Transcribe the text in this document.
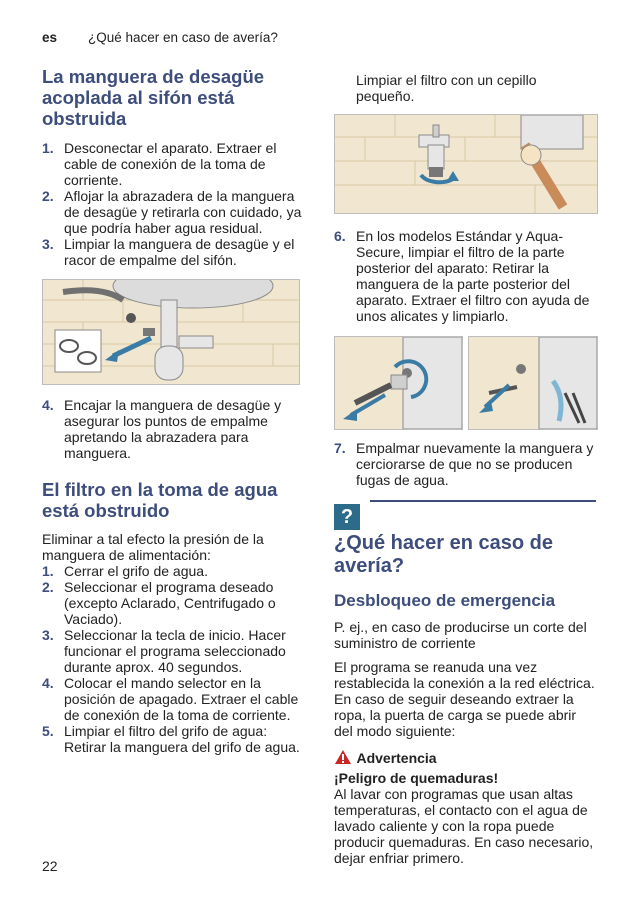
es ¿Qué hacer en caso de avería?
La manguera de desagüe acoplada al sifón está obstruida
1. Desconectar el aparato. Extraer el cable de conexión de la toma de corriente.
2. Aflojar la abrazadera de la manguera de desagüe y retirarla con cuidado, ya que podría haber agua residual.
3. Limpiar la manguera de desagüe y el racor de empalme del sifón.
4. Encajar la manguera de desagüe y asegurar los puntos de empalme apretando la abrazadera para manguera.
El filtro en la toma de agua está obstruido

Eliminar a tal efecto la presión de la manguera de alimentación:

1. Cerrar el grifo de agua.
2. Seleccionar el programa deseado (excepto Aclarado, Centrifugado o Vaciado).
3. Seleccionar la tecla de inicio. Hacer funcionar el programa seleccionado durante aprox. 40 segundos.
4. Colocar el mando selector en la posición de apagado. Extraer el cable de conexión de la toma de corriente.
5. Limpiar el filtro del grifo de agua: Retirar la manguera del grifo de agua.

Limpiar el filtro con un cepillo pequeño.

6. En los modelos Estándar y Aqua-Secure, limpiar el filtro de la parte posterior del aparato: Retirar la manguera de la parte posterior del aparato. Extraer el filtro con ayuda de unos alicates y limpiarlo.
7. Empalmar nuevamente la manguera y cerciorarse de que no se producen fugas de agua.
?
¿Qué hacer en caso de avería?
Desbloqueo de emergencia

P. ej., en caso de producirse un corte del suministro de corriente

El programa se reanuda una vez restablecida la conexión a la red eléctrica. En caso de seguir deseando extraer la ropa, la puerta de carga se puede abrir del modo siguiente:

Advertencia

¡Peligro de quemaduras!

Al lavar con programas que usan altas temperaturas, el contacto con el agua de lavado caliente y con la ropa puede producir quemaduras. En caso necesario, dejar enfriar primero.

22
